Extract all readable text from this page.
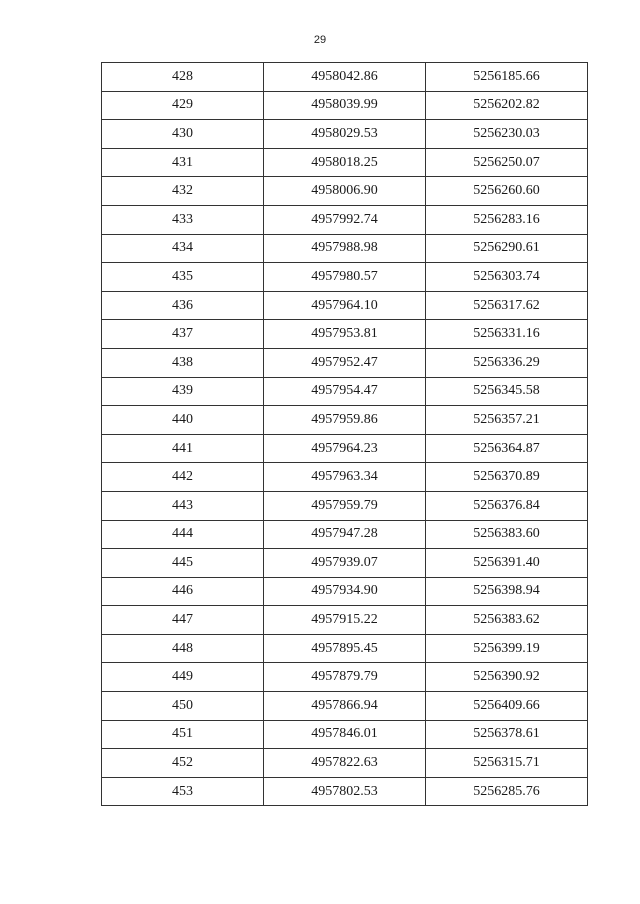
29
428	4958042.86	5256185.66
429	4958039.99	5256202.82
430	4958029.53	5256230.03
431	4958018.25	5256250.07
432	4958006.90	5256260.60
433	4957992.74	5256283.16
434	4957988.98	5256290.61
435	4957980.57	5256303.74
436	4957964.10	5256317.62
437	4957953.81	5256331.16
438	4957952.47	5256336.29
439	4957954.47	5256345.58
440	4957959.86	5256357.21
441	4957964.23	5256364.87
442	4957963.34	5256370.89
443	4957959.79	5256376.84
444	4957947.28	5256383.60
445	4957939.07	5256391.40
446	4957934.90	5256398.94
447	4957915.22	5256383.62
448	4957895.45	5256399.19
449	4957879.79	5256390.92
450	4957866.94	5256409.66
451	4957846.01	5256378.61
452	4957822.63	5256315.71
453	4957802.53	5256285.76
